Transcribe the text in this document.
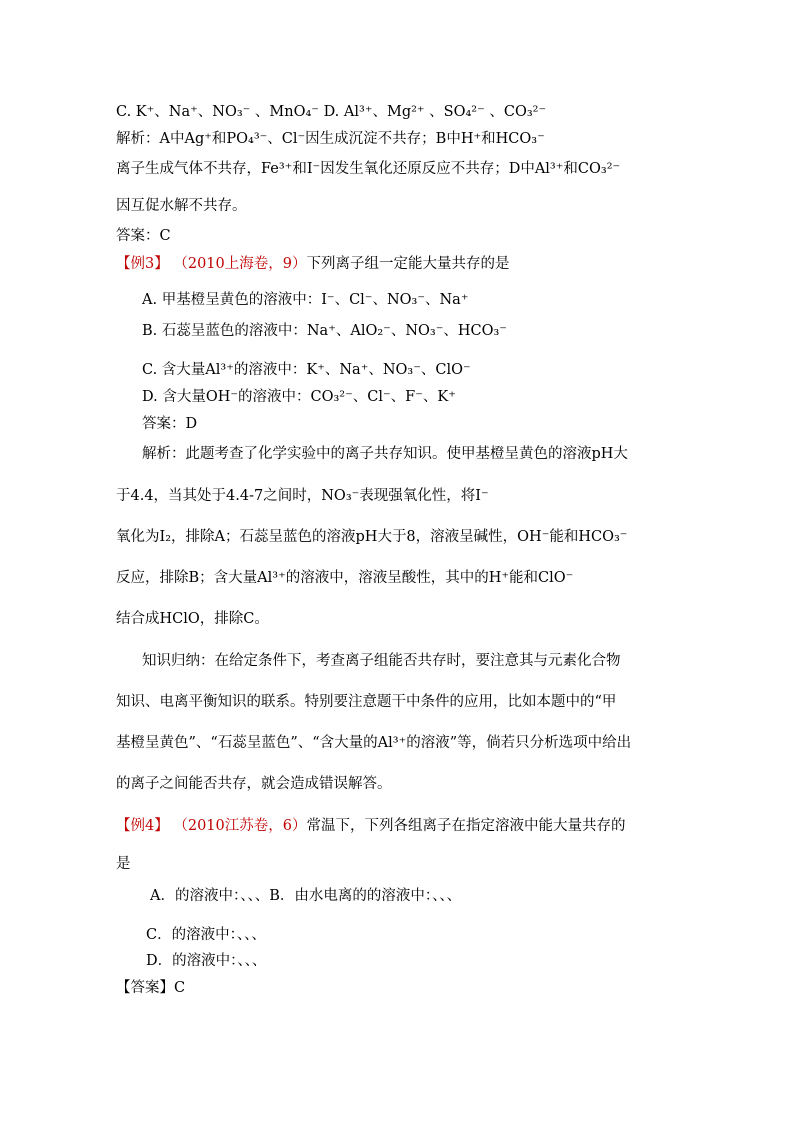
C. K⁺、Na⁺、NO₃⁻ 、MnO₄⁻ D. Al³⁺、Mg²⁺ 、SO₄²⁻ 、CO₃²⁻
解析：A中Ag⁺和PO₄³⁻、Cl⁻因生成沉淀不共存；B中H⁺和HCO₃⁻
离子生成气体不共存，Fe³⁺和I⁻因发生氧化还原反应不共存；D中Al³⁺和CO₃²⁻
因互促水解不共存。
答案：C
【例3】 （2010上海卷，9）下列离子组一定能大量共存的是
A. 甲基橙呈黄色的溶液中：I⁻、Cl⁻、NO₃⁻、Na⁺
B. 石蕊呈蓝色的溶液中：Na⁺、AlO₂⁻、NO₃⁻、HCO₃⁻
C. 含大量Al³⁺的溶液中：K⁺、Na⁺、NO₃⁻、ClO⁻
D. 含大量OH⁻的溶液中：CO₃²⁻、Cl⁻、F⁻、K⁺
答案：D
解析：此题考查了化学实验中的离子共存知识。使甲基橙呈黄色的溶液pH大
于4.4，当其处于4.4-7之间时，NO₃⁻表现强氧化性，将I⁻
氧化为I₂，排除A；石蕊呈蓝色的溶液pH大于8，溶液呈碱性，OH⁻能和HCO₃⁻
反应，排除B；含大量Al³⁺的溶液中，溶液呈酸性，其中的H⁺能和ClO⁻
结合成HClO，排除C。
知识归纳：在给定条件下，考查离子组能否共存时，要注意其与元素化合物
知识、电离平衡知识的联系。特别要注意题干中条件的应用，比如本题中的“甲
基橙呈黄色”、“石蕊呈蓝色”、“含大量的Al³⁺的溶液”等，倘若只分析选项中给出
的离子之间能否共存，就会造成错误解答。
【例4】 （2010江苏卷，6）常温下，下列各组离子在指定溶液中能大量共存的
是
A．的溶液中：、、、B．由水电离的的溶液中：、、、
C．的溶液中：、、、
D．的溶液中：、、、
【答案】C
